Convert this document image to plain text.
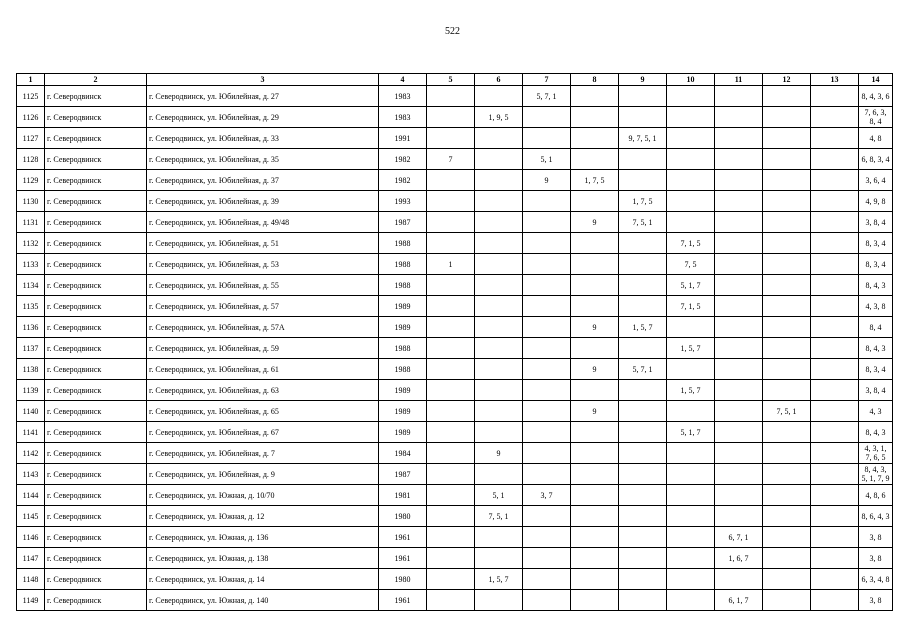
522
1	2	3	4	5	6	7	8	9	10	11	12	13	14
1125	г. Северодвинск	г. Северодвинск, ул. Юбилейная, д. 27	1983			5, 7, 1							8, 4, 3, 6
1126	г. Северодвинск	г. Северодвинск, ул. Юбилейная, д. 29	1983		1, 9, 5								7, 6, 3, 8, 4
1127	г. Северодвинск	г. Северодвинск, ул. Юбилейная, д. 33	1991					9, 7, 5, 1					4, 8
1128	г. Северодвинск	г. Северодвинск, ул. Юбилейная, д. 35	1982	7		5, 1							6, 8, 3, 4
1129	г. Северодвинск	г. Северодвинск, ул. Юбилейная, д. 37	1982			9	1, 7, 5						3, 6, 4
1130	г. Северодвинск	г. Северодвинск, ул. Юбилейная, д. 39	1993					1, 7, 5					4, 9, 8
1131	г. Северодвинск	г. Северодвинск, ул. Юбилейная, д. 49/48	1987				9	7, 5, 1					3, 8, 4
1132	г. Северодвинск	г. Северодвинск, ул. Юбилейная, д. 51	1988						7, 1, 5				8, 3, 4
1133	г. Северодвинск	г. Северодвинск, ул. Юбилейная, д. 53	1988	1					7, 5				8, 3, 4
1134	г. Северодвинск	г. Северодвинск, ул. Юбилейная, д. 55	1988						5, 1, 7				8, 4, 3
1135	г. Северодвинск	г. Северодвинск, ул. Юбилейная, д. 57	1989						7, 1, 5				4, 3, 8
1136	г. Северодвинск	г. Северодвинск, ул. Юбилейная, д. 57А	1989				9	1, 5, 7					8, 4
1137	г. Северодвинск	г. Северодвинск, ул. Юбилейная, д. 59	1988						1, 5, 7				8, 4, 3
1138	г. Северодвинск	г. Северодвинск, ул. Юбилейная, д. 61	1988				9	5, 7, 1					8, 3, 4
1139	г. Северодвинск	г. Северодвинск, ул. Юбилейная, д. 63	1989						1, 5, 7				3, 8, 4
1140	г. Северодвинск	г. Северодвинск, ул. Юбилейная, д. 65	1989				9				7, 5, 1		4, 3
1141	г. Северодвинск	г. Северодвинск, ул. Юбилейная, д. 67	1989						5, 1, 7				8, 4, 3
1142	г. Северодвинск	г. Северодвинск, ул. Юбилейная, д. 7	1984		9								4, 3, 1, 7, 6, 5
1143	г. Северодвинск	г. Северодвинск, ул. Юбилейная, д. 9	1987										8, 4, 3, 5, 1, 7, 9
1144	г. Северодвинск	г. Северодвинск, ул. Южная, д. 10/70	1981		5, 1	3, 7							4, 8, 6
1145	г. Северодвинск	г. Северодвинск, ул. Южная, д. 12	1980		7, 5, 1								8, 6, 4, 3
1146	г. Северодвинск	г. Северодвинск, ул. Южная, д. 136	1961							6, 7, 1			3, 8
1147	г. Северодвинск	г. Северодвинск, ул. Южная, д. 138	1961							1, 6, 7			3, 8
1148	г. Северодвинск	г. Северодвинск, ул. Южная, д. 14	1980		1, 5, 7								6, 3, 4, 8
1149	г. Северодвинск	г. Северодвинск, ул. Южная, д. 140	1961							6, 1, 7			3, 8
